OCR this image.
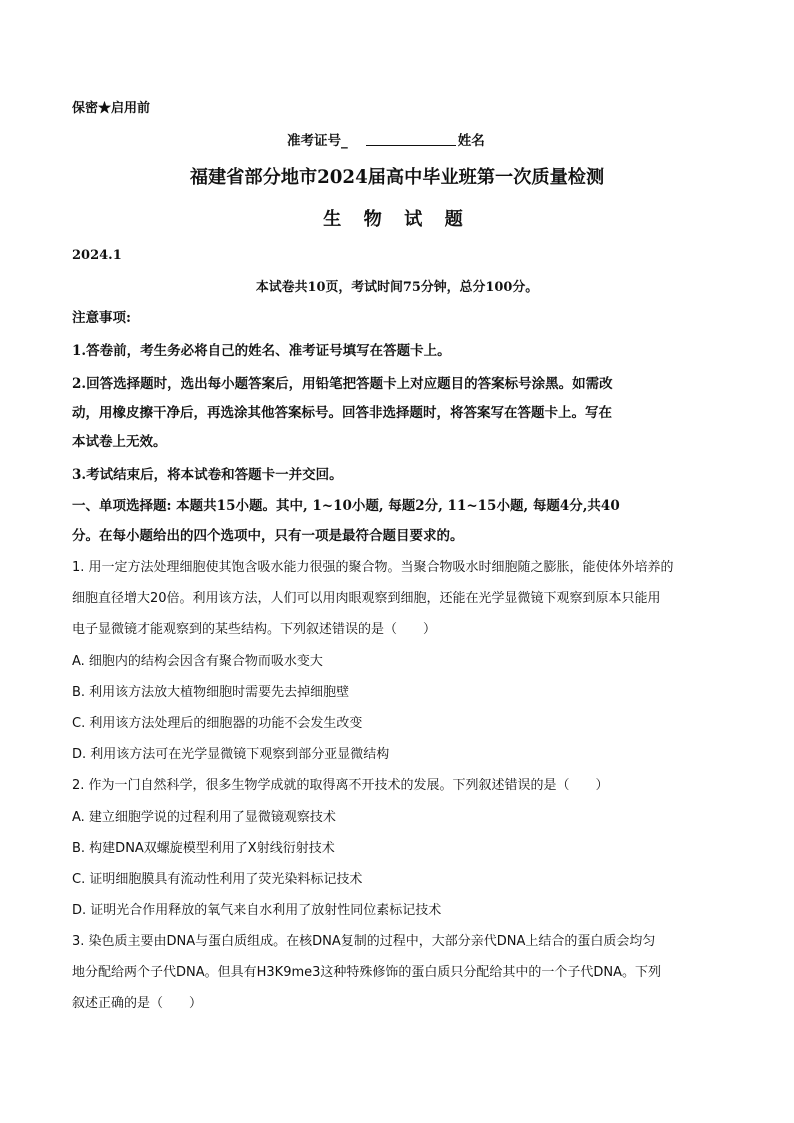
保密★启用前
准考证号_	姓名
福建省部分地市2024届高中毕业班第一次质量检测
生 物 试 题
2024.1
本试卷共10页，考试时间75分钟，总分100分。
注意事项:
1.答卷前，考生务必将自己的姓名、准考证号填写在答题卡上。
2.回答选择题时，选出每小题答案后，用铅笔把答题卡上对应题目的答案标号涂黑。如需改
动，用橡皮擦干净后，再选涂其他答案标号。回答非选择题时，将答案写在答题卡上。写在
本试卷上无效。
3.考试结束后，将本试卷和答题卡一并交回。
一、单项选择题: 本题共15小题。其中, 1~10小题, 每题2分, 11~15小题, 每题4分,共40
分。在每小题给出的四个选项中，只有一项是最符合题目要求的。
1. 用一定方法处理细胞使其饱含吸水能力很强的聚合物。当聚合物吸水时细胞随之膨胀，能使体外培养的
细胞直径增大20倍。利用该方法，人们可以用肉眼观察到细胞，还能在光学显微镜下观察到原本只能用
电子显微镜才能观察到的某些结构。下列叙述错误的是（　　）
A. 细胞内的结构会因含有聚合物而吸水变大
B. 利用该方法放大植物细胞时需要先去掉细胞壁
C. 利用该方法处理后的细胞器的功能不会发生改变
D. 利用该方法可在光学显微镜下观察到部分亚显微结构
2. 作为一门自然科学，很多生物学成就的取得离不开技术的发展。下列叙述错误的是（　　）
A. 建立细胞学说的过程利用了显微镜观察技术
B. 构建DNA双螺旋模型利用了X射线衍射技术
C. 证明细胞膜具有流动性利用了荧光染料标记技术
D. 证明光合作用释放的氧气来自水利用了放射性同位素标记技术
3. 染色质主要由DNA与蛋白质组成。在核DNA复制的过程中，大部分亲代DNA上结合的蛋白质会均匀
地分配给两个子代DNA。但具有H3K9me3这种特殊修饰的蛋白质只分配给其中的一个子代DNA。下列
叙述正确的是（　　）
